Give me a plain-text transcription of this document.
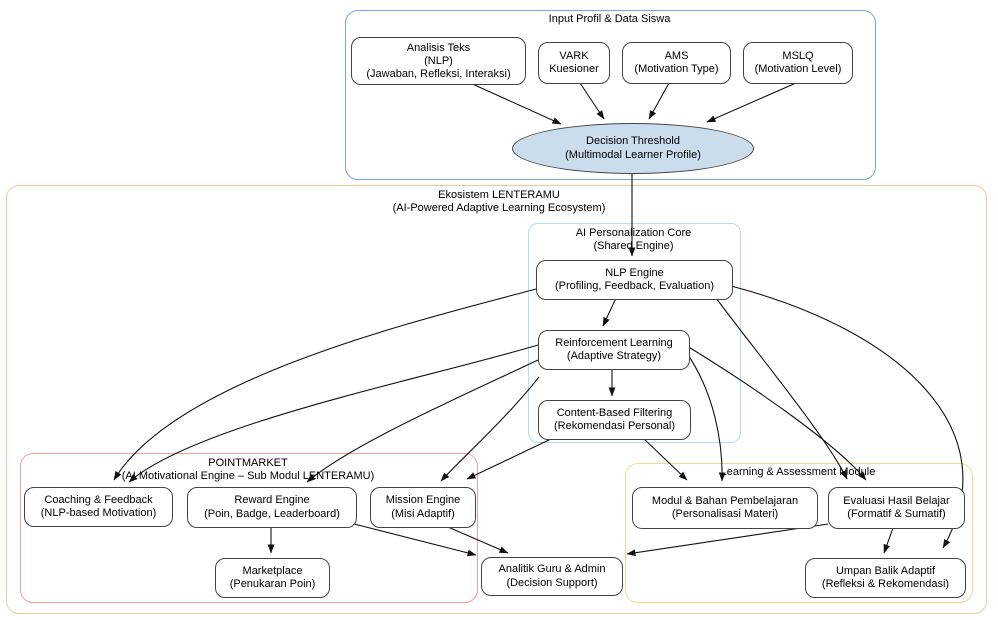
Input Profil & Data Siswa
Ekosistem LENTERAMU
(AI-Powered Adaptive Learning Ecosystem)
AI Personalization Core
(Shared Engine)
POINTMARKET
(AI Motivational Engine – Sub Modul LENTERAMU)	Learning & Assessment Module
Analisis Teks
(NLP)
(Jawaban, Refleksi, Interaksi)
VARK
Kuesioner
AMS
(Motivation Type)
MSLQ
(Motivation Level)
Decision Threshold
(Multimodal Learner Profile)
NLP Engine
(Profiling, Feedback, Evaluation)
Reinforcement Learning
(Adaptive Strategy)
Content-Based Filtering
(Rekomendasi Personal)
Coaching & Feedback
(NLP-based Motivation)
Reward Engine
(Poin, Badge, Leaderboard)
Mission Engine
(Misi Adaptif)
Marketplace
(Penukaran Poin)
Modul & Bahan Pembelajaran
(Personalisasi Materi)
Evaluasi Hasil Belajar
(Formatif & Sumatif)
Umpan Balik Adaptif
(Refleksi & Rekomendasi)
Analitik Guru & Admin
(Decision Support)
